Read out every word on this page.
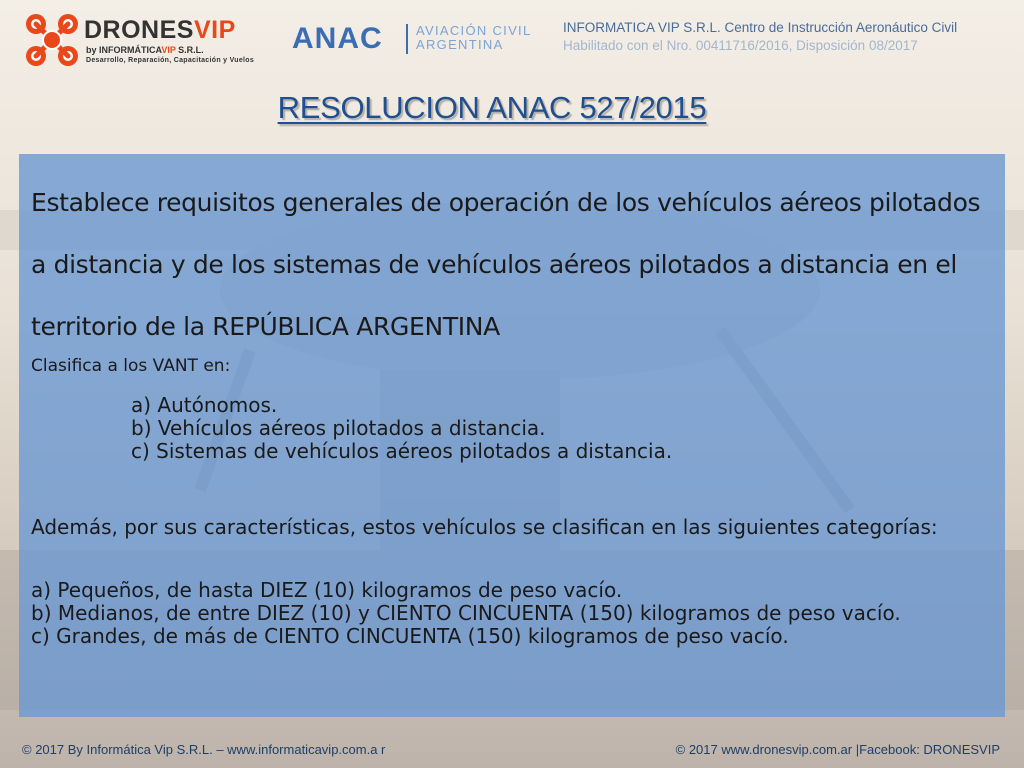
DRONESVIP
by INFORMÁTICAVIP S.R.L.
Desarrollo, Reparación, Capacitación y Vuelos
ANAC	AVIACIÓN CIVIL
ARGENTINA
INFORMATICA VIP S.R.L. Centro de Instrucción Aeronáutico Civil
Habilitado con el Nro. 00411716/2016, Disposición 08/2017
RESOLUCION ANAC 527/2015
Establece requisitos generales de operación de los vehículos aéreos pilotados a distancia y de los sistemas de vehículos aéreos pilotados a distancia en el territorio de la REPÚBLICA ARGENTINA
Clasifica a los VANT en:
a) Autónomos.
b) Vehículos aéreos pilotados a distancia.
c) Sistemas de vehículos aéreos pilotados a distancia.
Además, por sus características, estos vehículos se clasifican en las siguientes categorías:
a) Pequeños, de hasta DIEZ (10) kilogramos de peso vacío.
b) Medianos, de entre DIEZ (10) y CIENTO CINCUENTA (150) kilogramos de peso vacío.
c) Grandes, de más de CIENTO CINCUENTA (150) kilogramos de peso vacío.
© 2017 By Informática Vip S.R.L. – www.informaticavip.com.a r	© 2017 www.dronesvip.com.ar |Facebook: DRONESVIP
